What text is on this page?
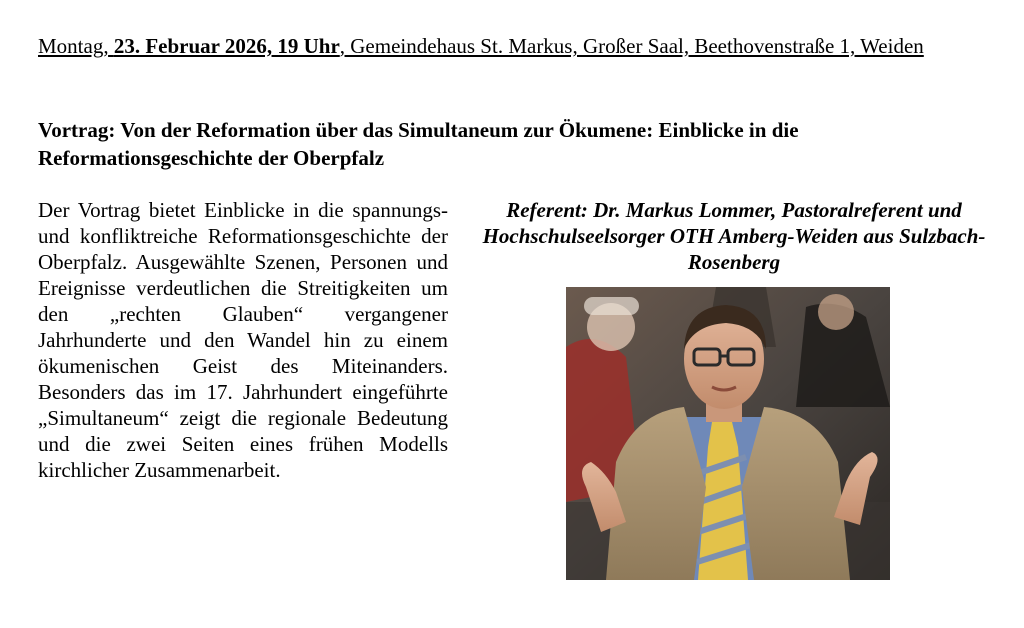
Montag, 23. Februar 2026, 19 Uhr, Gemeindehaus St. Markus, Großer Saal, Beethovenstraße 1, Weiden
Vortrag: Von der Reformation über das Simultaneum zur Ökumene: Einblicke in die Reformationsgeschichte der Oberpfalz
Der Vortrag bietet Einblicke in die spannungs- und konfliktreiche Reformationsgeschichte der Oberpfalz. Ausgewählte Szenen, Personen und Ereignisse verdeutlichen die Streitigkeiten um den „rechten Glauben“ vergangener Jahrhunderte und den Wandel hin zu einem ökumenischen Geist des Miteinanders. Besonders das im 17. Jahrhundert eingeführte „Simultaneum“ zeigt die regionale Bedeutung und die zwei Seiten eines frühen Modells kirchlicher Zusammenarbeit.
Referent: Dr. Markus Lommer, Pastoralreferent und Hochschulseelsorger OTH Amberg-Weiden aus Sulzbach-Rosenberg
